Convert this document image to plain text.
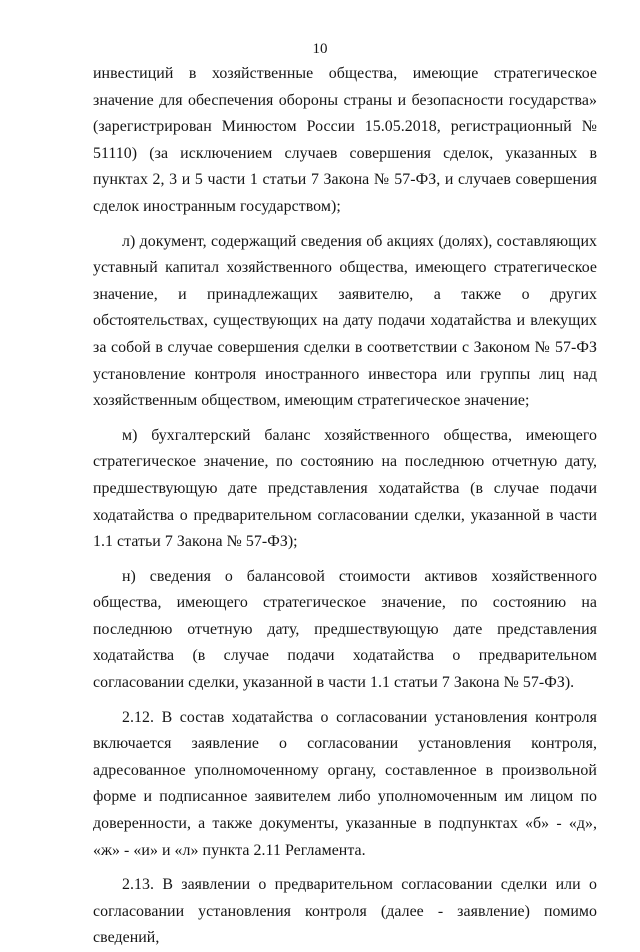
10

инвестиций в хозяйственные общества, имеющие стратегическое значение для обеспечения обороны страны и безопасности государства» (зарегистрирован Минюстом России 15.05.2018, регистрационный № 51110) (за исключением случаев совершения сделок, указанных в пунктах 2, 3 и 5 части 1 статьи 7 Закона № 57-ФЗ, и случаев совершения сделок иностранным государством);

л) документ, содержащий сведения об акциях (долях), составляющих уставный капитал хозяйственного общества, имеющего стратегическое значение, и принадлежащих заявителю, а также о других обстоятельствах, существующих на дату подачи ходатайства и влекущих за собой в случае совершения сделки в соответствии с Законом № 57-ФЗ установление контроля иностранного инвестора или группы лиц над хозяйственным обществом, имеющим стратегическое значение;

м) бухгалтерский баланс хозяйственного общества, имеющего стратегическое значение, по состоянию на последнюю отчетную дату, предшествующую дате представления ходатайства (в случае подачи ходатайства о предварительном согласовании сделки, указанной в части 1.1 статьи 7 Закона № 57-ФЗ);

н) сведения о балансовой стоимости активов хозяйственного общества, имеющего стратегическое значение, по состоянию на последнюю отчетную дату, предшествующую дате представления ходатайства (в случае подачи ходатайства о предварительном согласовании сделки, указанной в части 1.1 статьи 7 Закона № 57-ФЗ).

2.12. В состав ходатайства о согласовании установления контроля включается заявление о согласовании установления контроля, адресованное уполномоченному органу, составленное в произвольной форме и подписанное заявителем либо уполномоченным им лицом по доверенности, а также документы, указанные в подпунктах «б» - «д», «ж» - «и» и «л» пункта 2.11 Регламента.

2.13. В заявлении о предварительном согласовании сделки или о согласовании установления контроля (далее - заявление) помимо сведений,
